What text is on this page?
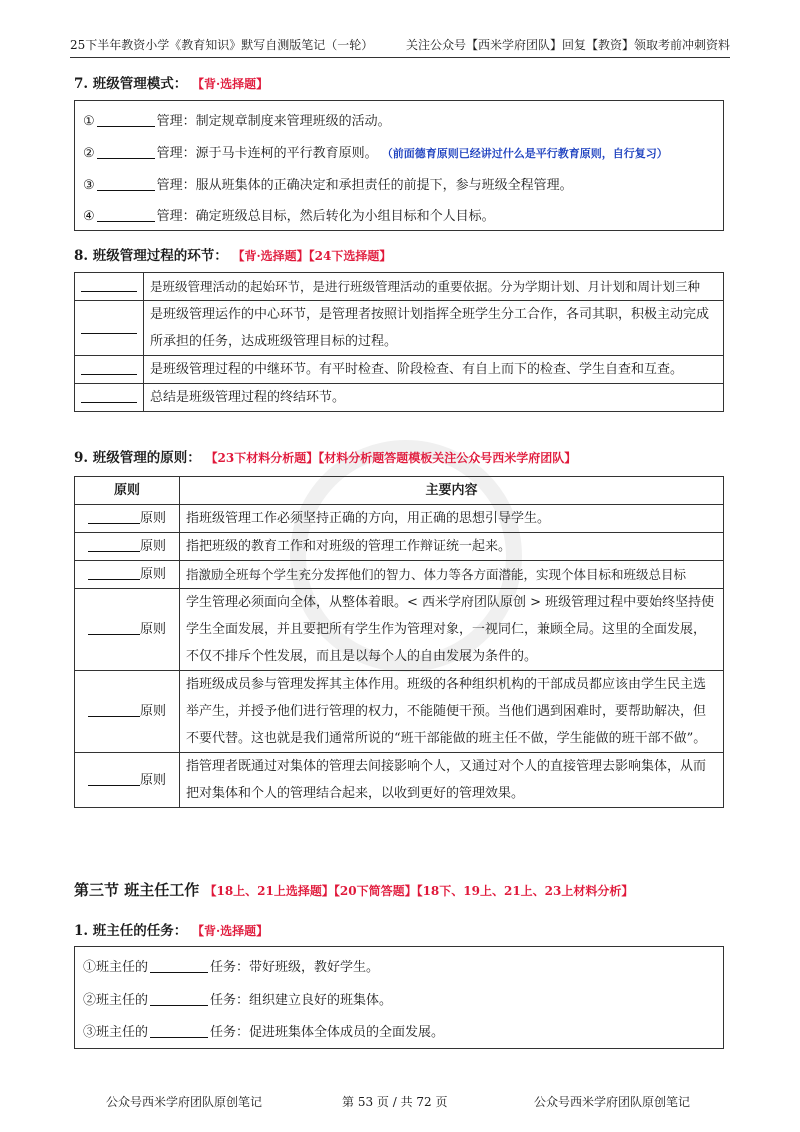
25下半年教资小学《教育知识》默写自测版笔记（一轮）	关注公众号【西米学府团队】回复【教资】领取考前冲刺资料
7. 班级管理模式： 【背·选择题】
①	管理：制定规章制度来管理班级的活动。
②	管理：源于马卡连柯的平行教育原则。 （前面德育原则已经讲过什么是平行教育原则，自行复习）
③	管理：服从班集体的正确决定和承担责任的前提下，参与班级全程管理。
④	管理：确定班级总目标，然后转化为小组目标和个人目标。
8. 班级管理过程的环节： 【背·选择题】【24下选择题】
	是班级管理活动的起始环节，是进行班级管理活动的重要依据。分为学期计划、月计划和周计划三种
	是班级管理运作的中心环节，是管理者按照计划指挥全班学生分工合作，各司其职，积极主动完成所承担的任务，达成班级管理目标的过程。
	是班级管理过程的中继环节。有平时检查、阶段检查、有自上而下的检查、学生自查和互查。
	总结是班级管理过程的终结环节。
9. 班级管理的原则： 【23下材料分析题】【材料分析题答题模板关注公众号西米学府团队】
原则	主要内容
原则	指班级管理工作必须坚持正确的方向，用正确的思想引导学生。
原则	指把班级的教育工作和对班级的管理工作辩证统一起来。
原则	指激励全班每个学生充分发挥他们的智力、体力等各方面潜能，实现个体目标和班级总目标
原则	学生管理必须面向全体，从整体着眼。< 西米学府团队原创 > 班级管理过程中要始终坚持使学生全面发展，并且要把所有学生作为管理对象，一视同仁，兼顾全局。这里的全面发展，不仅不排斥个性发展，而且是以每个人的自由发展为条件的。
原则	指班级成员参与管理发挥其主体作用。班级的各种组织机构的干部成员都应该由学生民主选举产生，并授予他们进行管理的权力，不能随便干预。当他们遇到困难时，要帮助解决，但不要代替。这也就是我们通常所说的“班干部能做的班主任不做，学生能做的班干部不做”。
原则	指管理者既通过对集体的管理去间接影响个人，又通过对个人的直接管理去影响集体，从而把对集体和个人的管理结合起来，以收到更好的管理效果。
第三节 班主任工作 【18上、21上选择题】【20下简答题】【18下、19上、21上、23上材料分析】
1. 班主任的任务： 【背·选择题】
①班主任的	任务：带好班级，教好学生。
②班主任的	任务：组织建立良好的班集体。
③班主任的	任务：促进班集体全体成员的全面发展。
公众号西米学府团队原创笔记	第 53 页 / 共 72 页	公众号西米学府团队原创笔记
